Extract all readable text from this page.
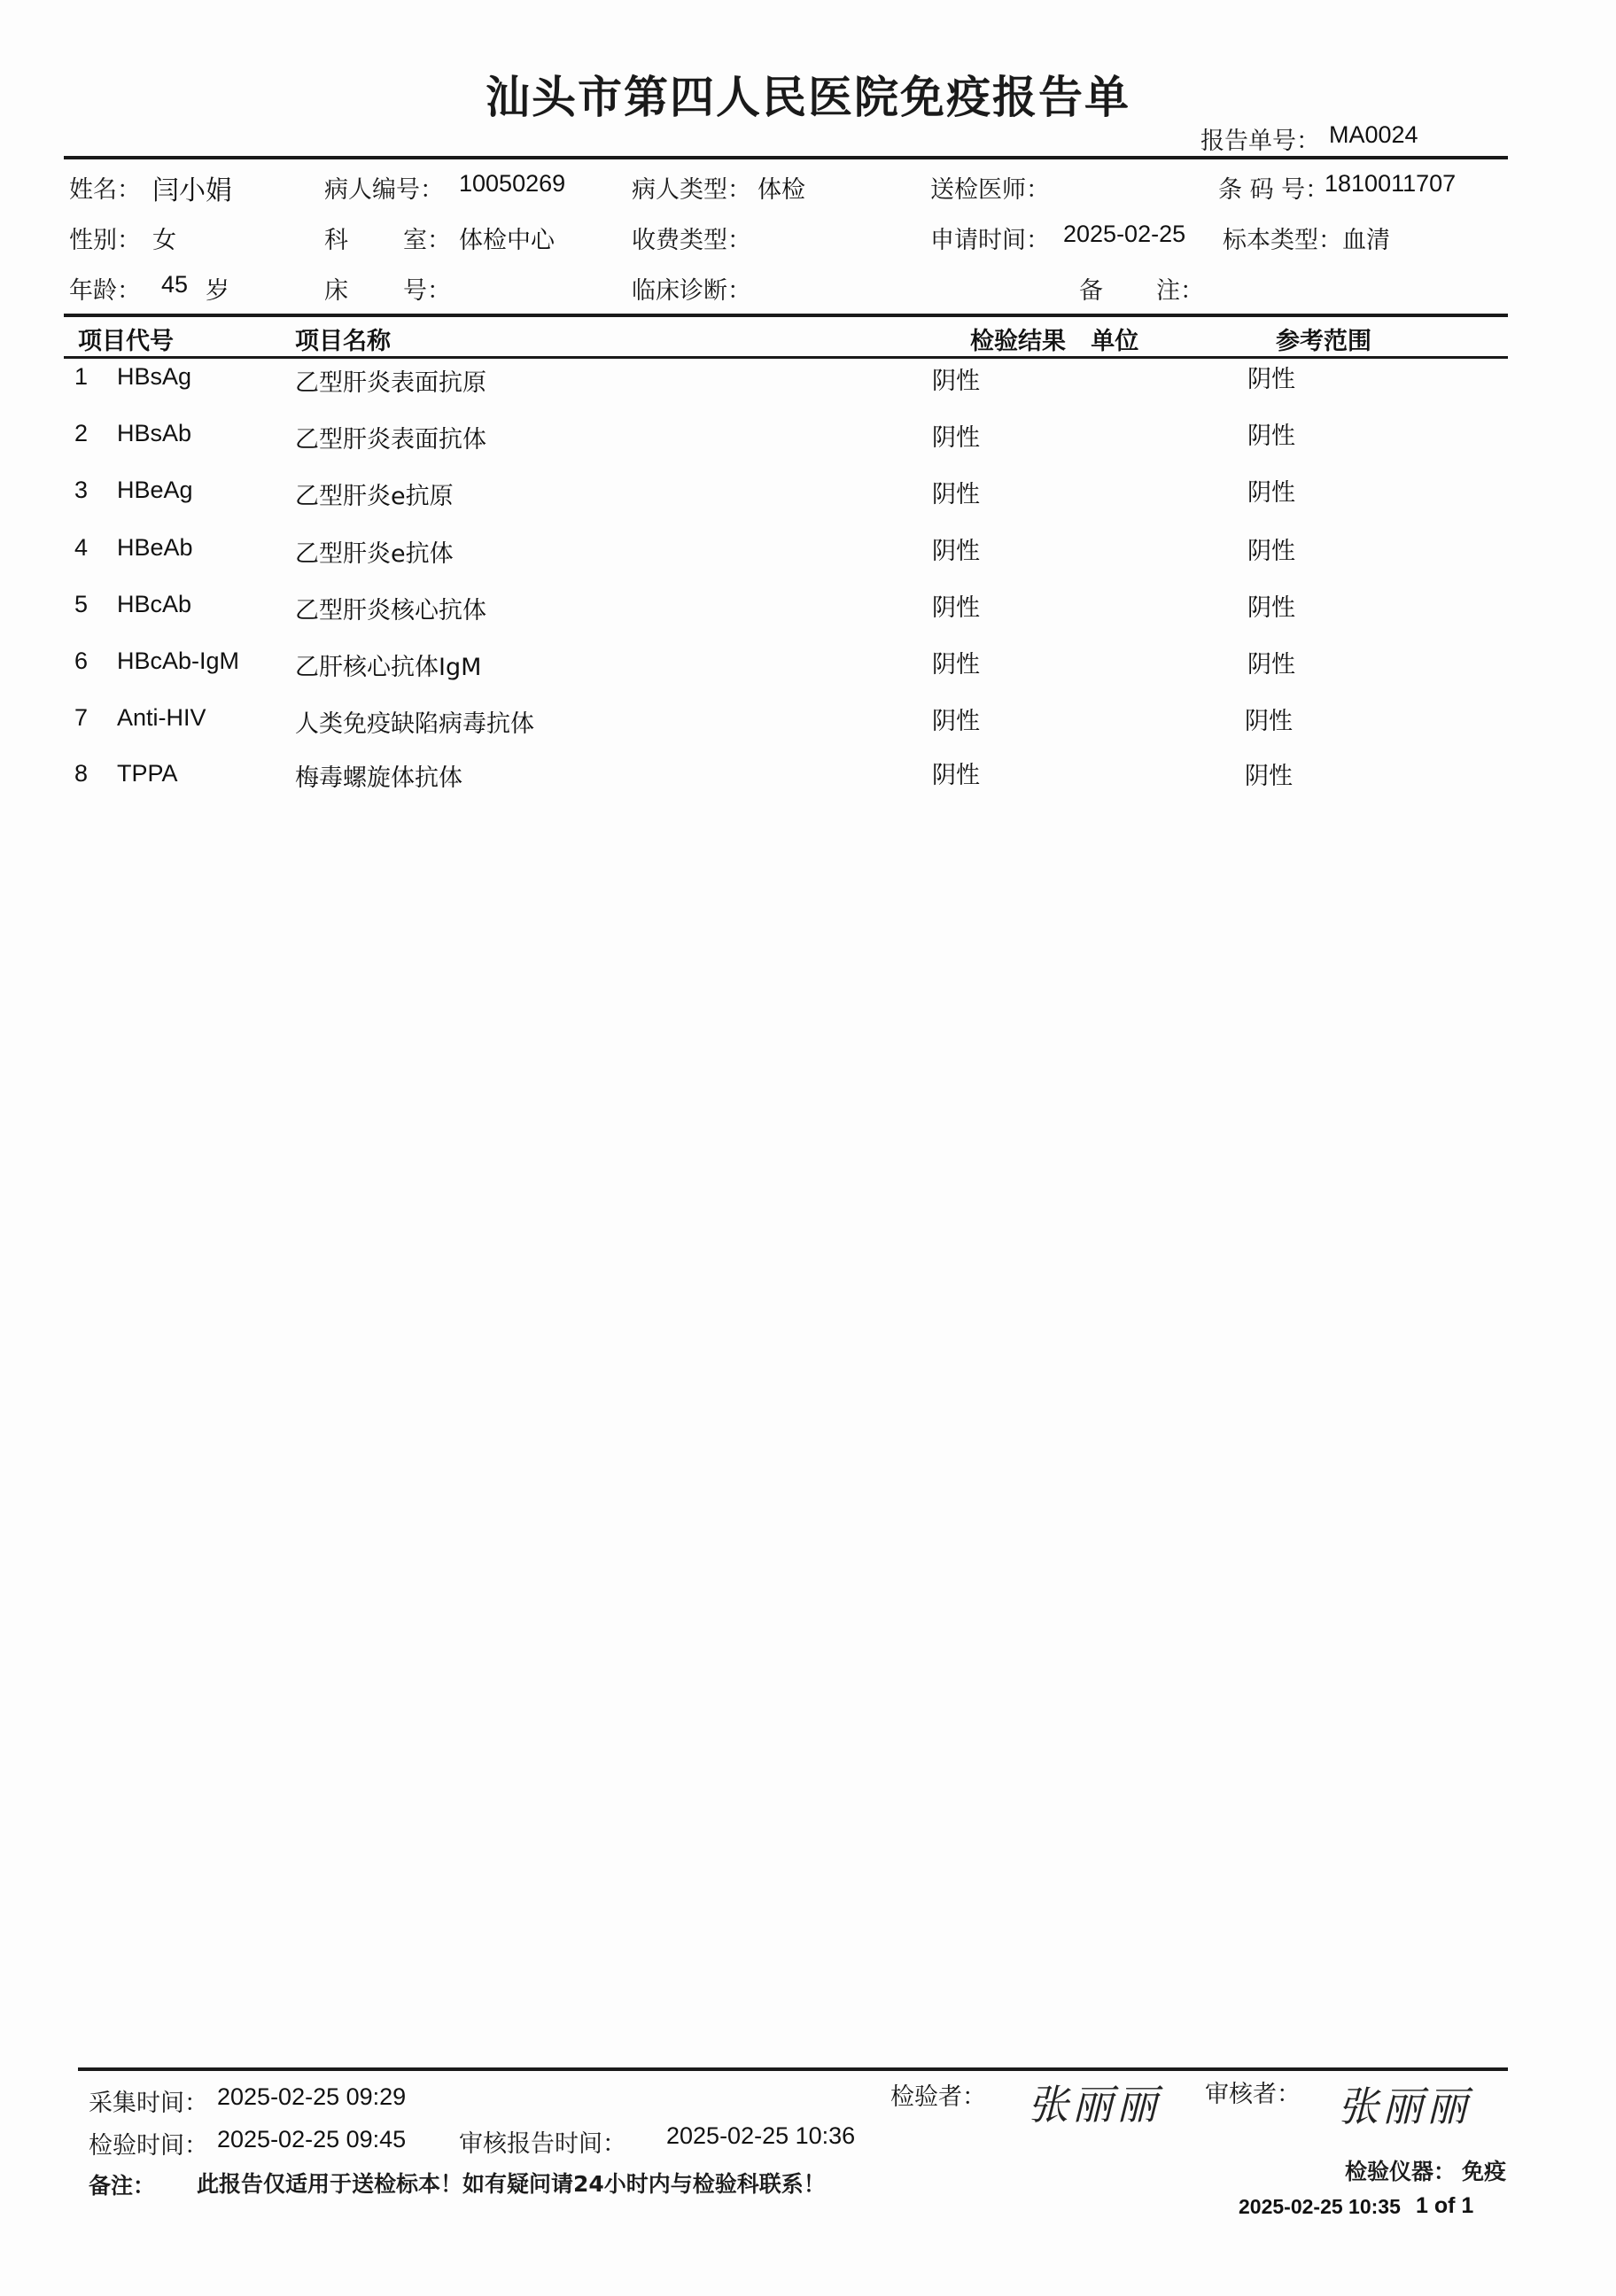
汕头市第四人民医院免疫报告单
报告单号： MA0024
姓名： 闫小娟	病人编号： 10050269	病人类型： 体检	送检医师：	条 码 号：
1810011707
性别： 女	科 室： 体检中心	收费类型：	申请时间： 2025-02-25 标本类型： 血清
年龄： 45 岁	床 号：	临床诊断：	备 注：
项目代号	项目名称	检验结果   单位	参考范围
1 HBsAg	乙型肝炎表面抗原	阴性	阴性
2 HBsAb	乙型肝炎表面抗体	阴性	阴性
3 HBeAg	乙型肝炎e抗原	阴性	阴性
4 HBeAb	乙型肝炎e抗体	阴性	阴性
5 HBcAb	乙型肝炎核心抗体	阴性	阴性
6 HBcAb-IgM 乙肝核心抗体IgM	阴性	阴性
7 Anti-HIV	人类免疫缺陷病毒抗体	阴性	阴性
8 TPPA	梅毒螺旋体抗体	阴性	阴性
采集时间： 2025-02-25 09:29	检验者： 张丽丽 审核者： 张丽丽
检验时间： 2025-02-25 09:45 审核报告时间： 2025-02-25 10:36
检验仪器： 免疫
备注： 此报告仅适用于送检标本！如有疑问请24小时内与检验科联系！
2025-02-25 10:35 1 of 1
